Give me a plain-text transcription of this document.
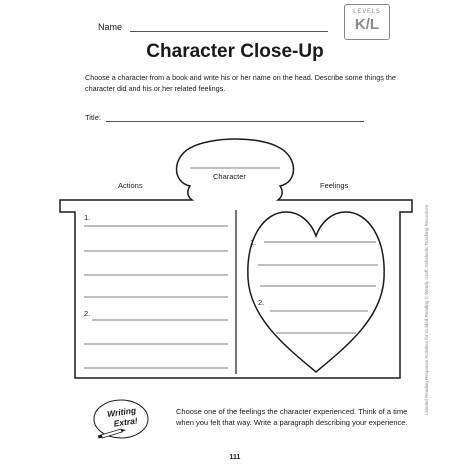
Name
LEVELS
K/L
Character Close-Up
Choose a character from a book and write his or her name on the head. Describe some things the character did and his or her related feelings.
Title:
Character
Actions	Feelings
1.
2.
1.
2.
Writing
Extra!
Choose one of the feelings the character experienced. Think of a time when you felt that way. Write a paragraph describing your experience.
111
Leveled Reading Response Activities for Guided Reading © Wendy Graff, Scholastic Teaching Resources
